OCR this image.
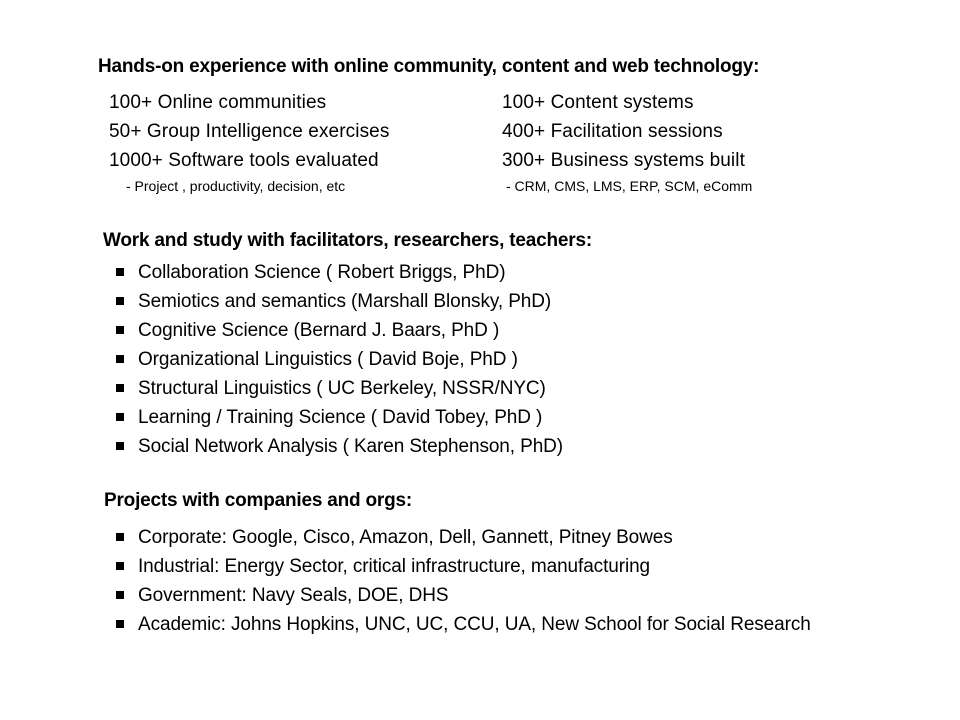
Hands-on experience with online community, content and web technology:
100+ Online communities
50+ Group Intelligence exercises
1000+ Software tools evaluated
- Project , productivity, decision, etc
100+ Content systems
400+ Facilitation sessions
300+ Business systems built
- CRM, CMS, LMS, ERP, SCM, eComm
Work and study with facilitators, researchers, teachers:
Collaboration Science ( Robert Briggs, PhD)
Semiotics and semantics (Marshall Blonsky, PhD)
Cognitive Science (Bernard J. Baars, PhD )
Organizational Linguistics ( David Boje, PhD )
Structural Linguistics ( UC Berkeley, NSSR/NYC)
Learning / Training Science ( David Tobey, PhD )
Social Network Analysis ( Karen Stephenson, PhD)
Projects with companies and orgs:
Corporate: Google, Cisco, Amazon, Dell, Gannett, Pitney Bowes
Industrial: Energy Sector, critical infrastructure, manufacturing
Government: Navy Seals, DOE, DHS
Academic: Johns Hopkins, UNC, UC, CCU, UA, New School for Social Research
